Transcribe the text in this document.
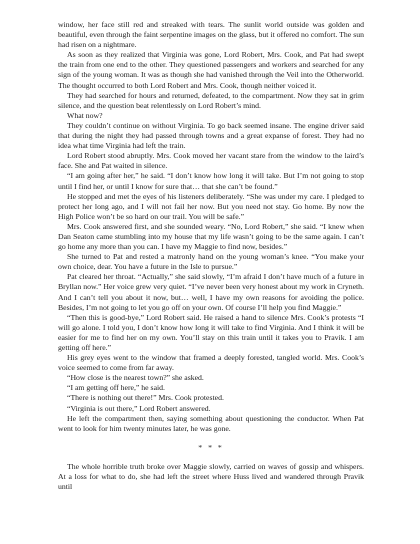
window, her face still red and streaked with tears. The sunlit world outside was golden and beautiful, even through the faint serpentine images on the glass, but it offered no comfort. The sun had risen on a nightmare.

As soon as they realized that Virginia was gone, Lord Robert, Mrs. Cook, and Pat had swept the train from one end to the other. They questioned passengers and workers and searched for any sign of the young woman. It was as though she had vanished through the Veil into the Otherworld. The thought occurred to both Lord Robert and Mrs. Cook, though neither voiced it.

They had searched for hours and returned, defeated, to the compartment. Now they sat in grim silence, and the question beat relentlessly on Lord Robert’s mind.

What now?

They couldn’t continue on without Virginia. To go back seemed insane. The engine driver said that during the night they had passed through towns and a great expanse of forest. They had no idea what time Virginia had left the train.

Lord Robert stood abruptly. Mrs. Cook moved her vacant stare from the window to the laird’s face. She and Pat waited in silence.

“I am going after her,” he said. “I don’t know how long it will take. But I’m not going to stop until I find her, or until I know for sure that… that she can’t be found.”

He stopped and met the eyes of his listeners deliberately. “She was under my care. I pledged to protect her long ago, and I will not fail her now. But you need not stay. Go home. By now the High Police won’t be so hard on our trail. You will be safe.”

Mrs. Cook answered first, and she sounded weary. “No, Lord Robert,” she said. “I knew when Dan Seaton came stumbling into my house that my life wasn’t going to be the same again. I can’t go home any more than you can. I have my Maggie to find now, besides.”

She turned to Pat and rested a matronly hand on the young woman’s knee. “You make your own choice, dear. You have a future in the Isle to pursue.”

Pat cleared her throat. “Actually,” she said slowly, “I’m afraid I don’t have much of a future in Bryllan now.” Her voice grew very quiet. “I’ve never been very honest about my work in Cryneth. And I can’t tell you about it now, but… well, I have my own reasons for avoiding the police. Besides, I’m not going to let you go off on your own. Of course I’ll help you find Maggie.”

“Then this is good-bye,” Lord Robert said. He raised a hand to silence Mrs. Cook’s protests “I will go alone. I told you, I don’t know how long it will take to find Virginia. And I think it will be easier for me to find her on my own. You’ll stay on this train until it takes you to Pravik. I am getting off here.”

His grey eyes went to the window that framed a deeply forested, tangled world. Mrs. Cook’s voice seemed to come from far away.

“How close is the nearest town?” she asked.

“I am getting off here,” he said.

“There is nothing out there!” Mrs. Cook protested.

“Virginia is out there,” Lord Robert answered.

He left the compartment then, saying something about questioning the conductor. When Pat went to look for him twenty minutes later, he was gone.

* * *

The whole horrible truth broke over Maggie slowly, carried on waves of gossip and whispers. At a loss for what to do, she had left the street where Huss lived and wandered through Pravik until
